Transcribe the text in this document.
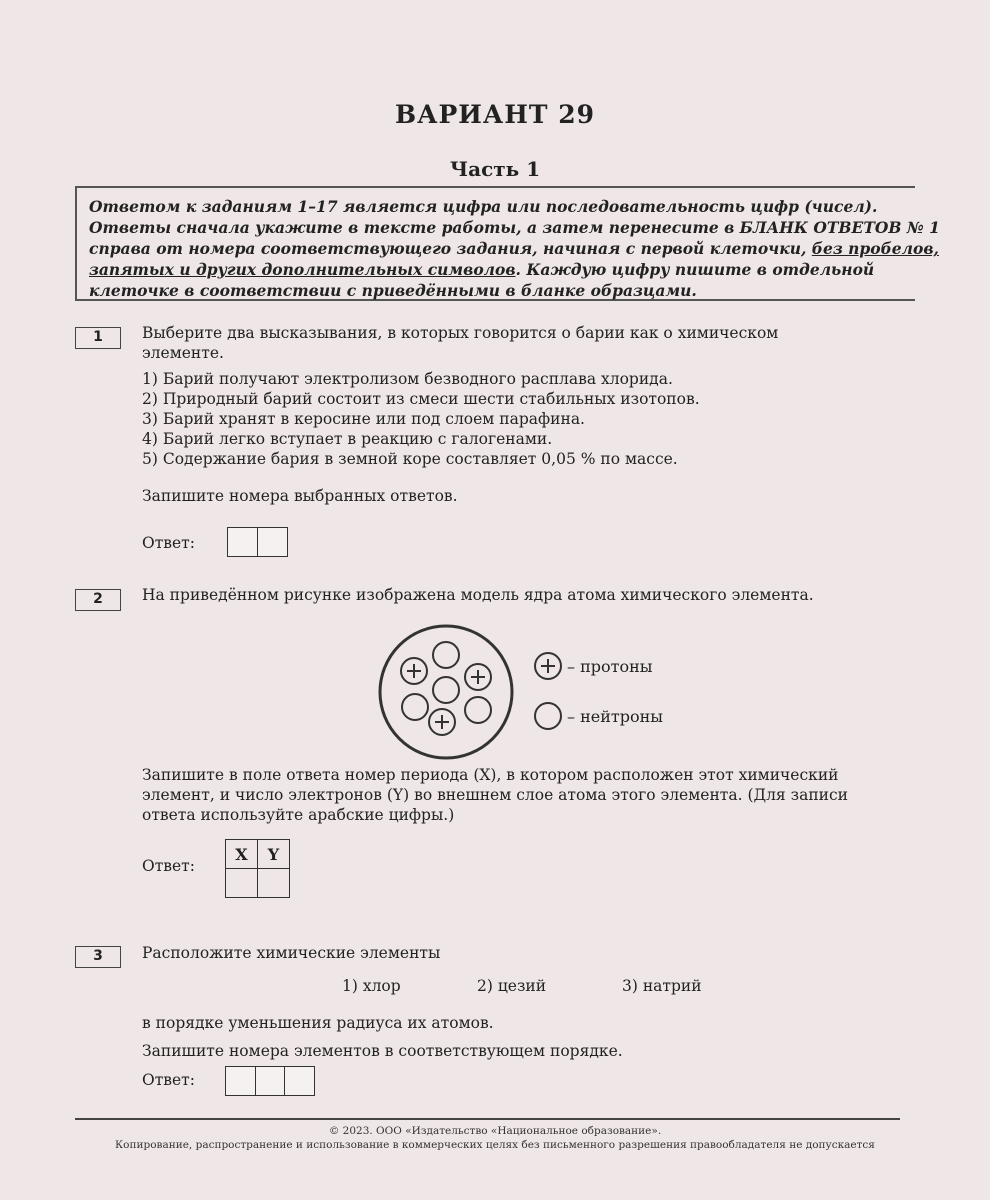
ВАРИАНТ 29
Часть 1
Ответом к заданиям 1–17 является цифра или последовательность цифр (чисел).
Ответы сначала укажите в тексте работы, а затем перенесите в БЛАНК ОТВЕТОВ № 1
справа от номера соответствующего задания, начиная с первой клеточки, без пробелов,
запятых и других дополнительных символов. Каждую цифру пишите в отдельной
клеточке в соответствии с приведёнными в бланке образцами.
1	Выберите два высказывания, в которых говорится о барии как о химическом
элементе.
1) Барий получают электролизом безводного расплава хлорида.
2) Природный барий состоит из смеси шести стабильных изотопов.
3) Барий хранят в керосине или под слоем парафина.
4) Барий легко вступает в реакцию с галогенами.
5) Содержание бария в земной коре составляет 0,05 % по массе.
Запишите номера выбранных ответов.
Ответ:
2	На приведённом рисунке изображена модель ядра атома химического элемента.
– протоны
– нейтроны
Запишите в поле ответа номер периода (X), в котором расположен этот химический
элемент, и число электронов (Y) во внешнем слое атома этого элемента. (Для записи
ответа используйте арабские цифры.)
Ответ:
X	Y

3	Расположите химические элементы
1) хлор	2) цезий	3) натрий
в порядке уменьшения радиуса их атомов.
Запишите номера элементов в соответствующем порядке.
Ответ:
© 2023. ООО «Издательство «Национальное образование».
Копирование, распространение и использование в коммерческих целях без письменного разрешения правообладателя не допускается
